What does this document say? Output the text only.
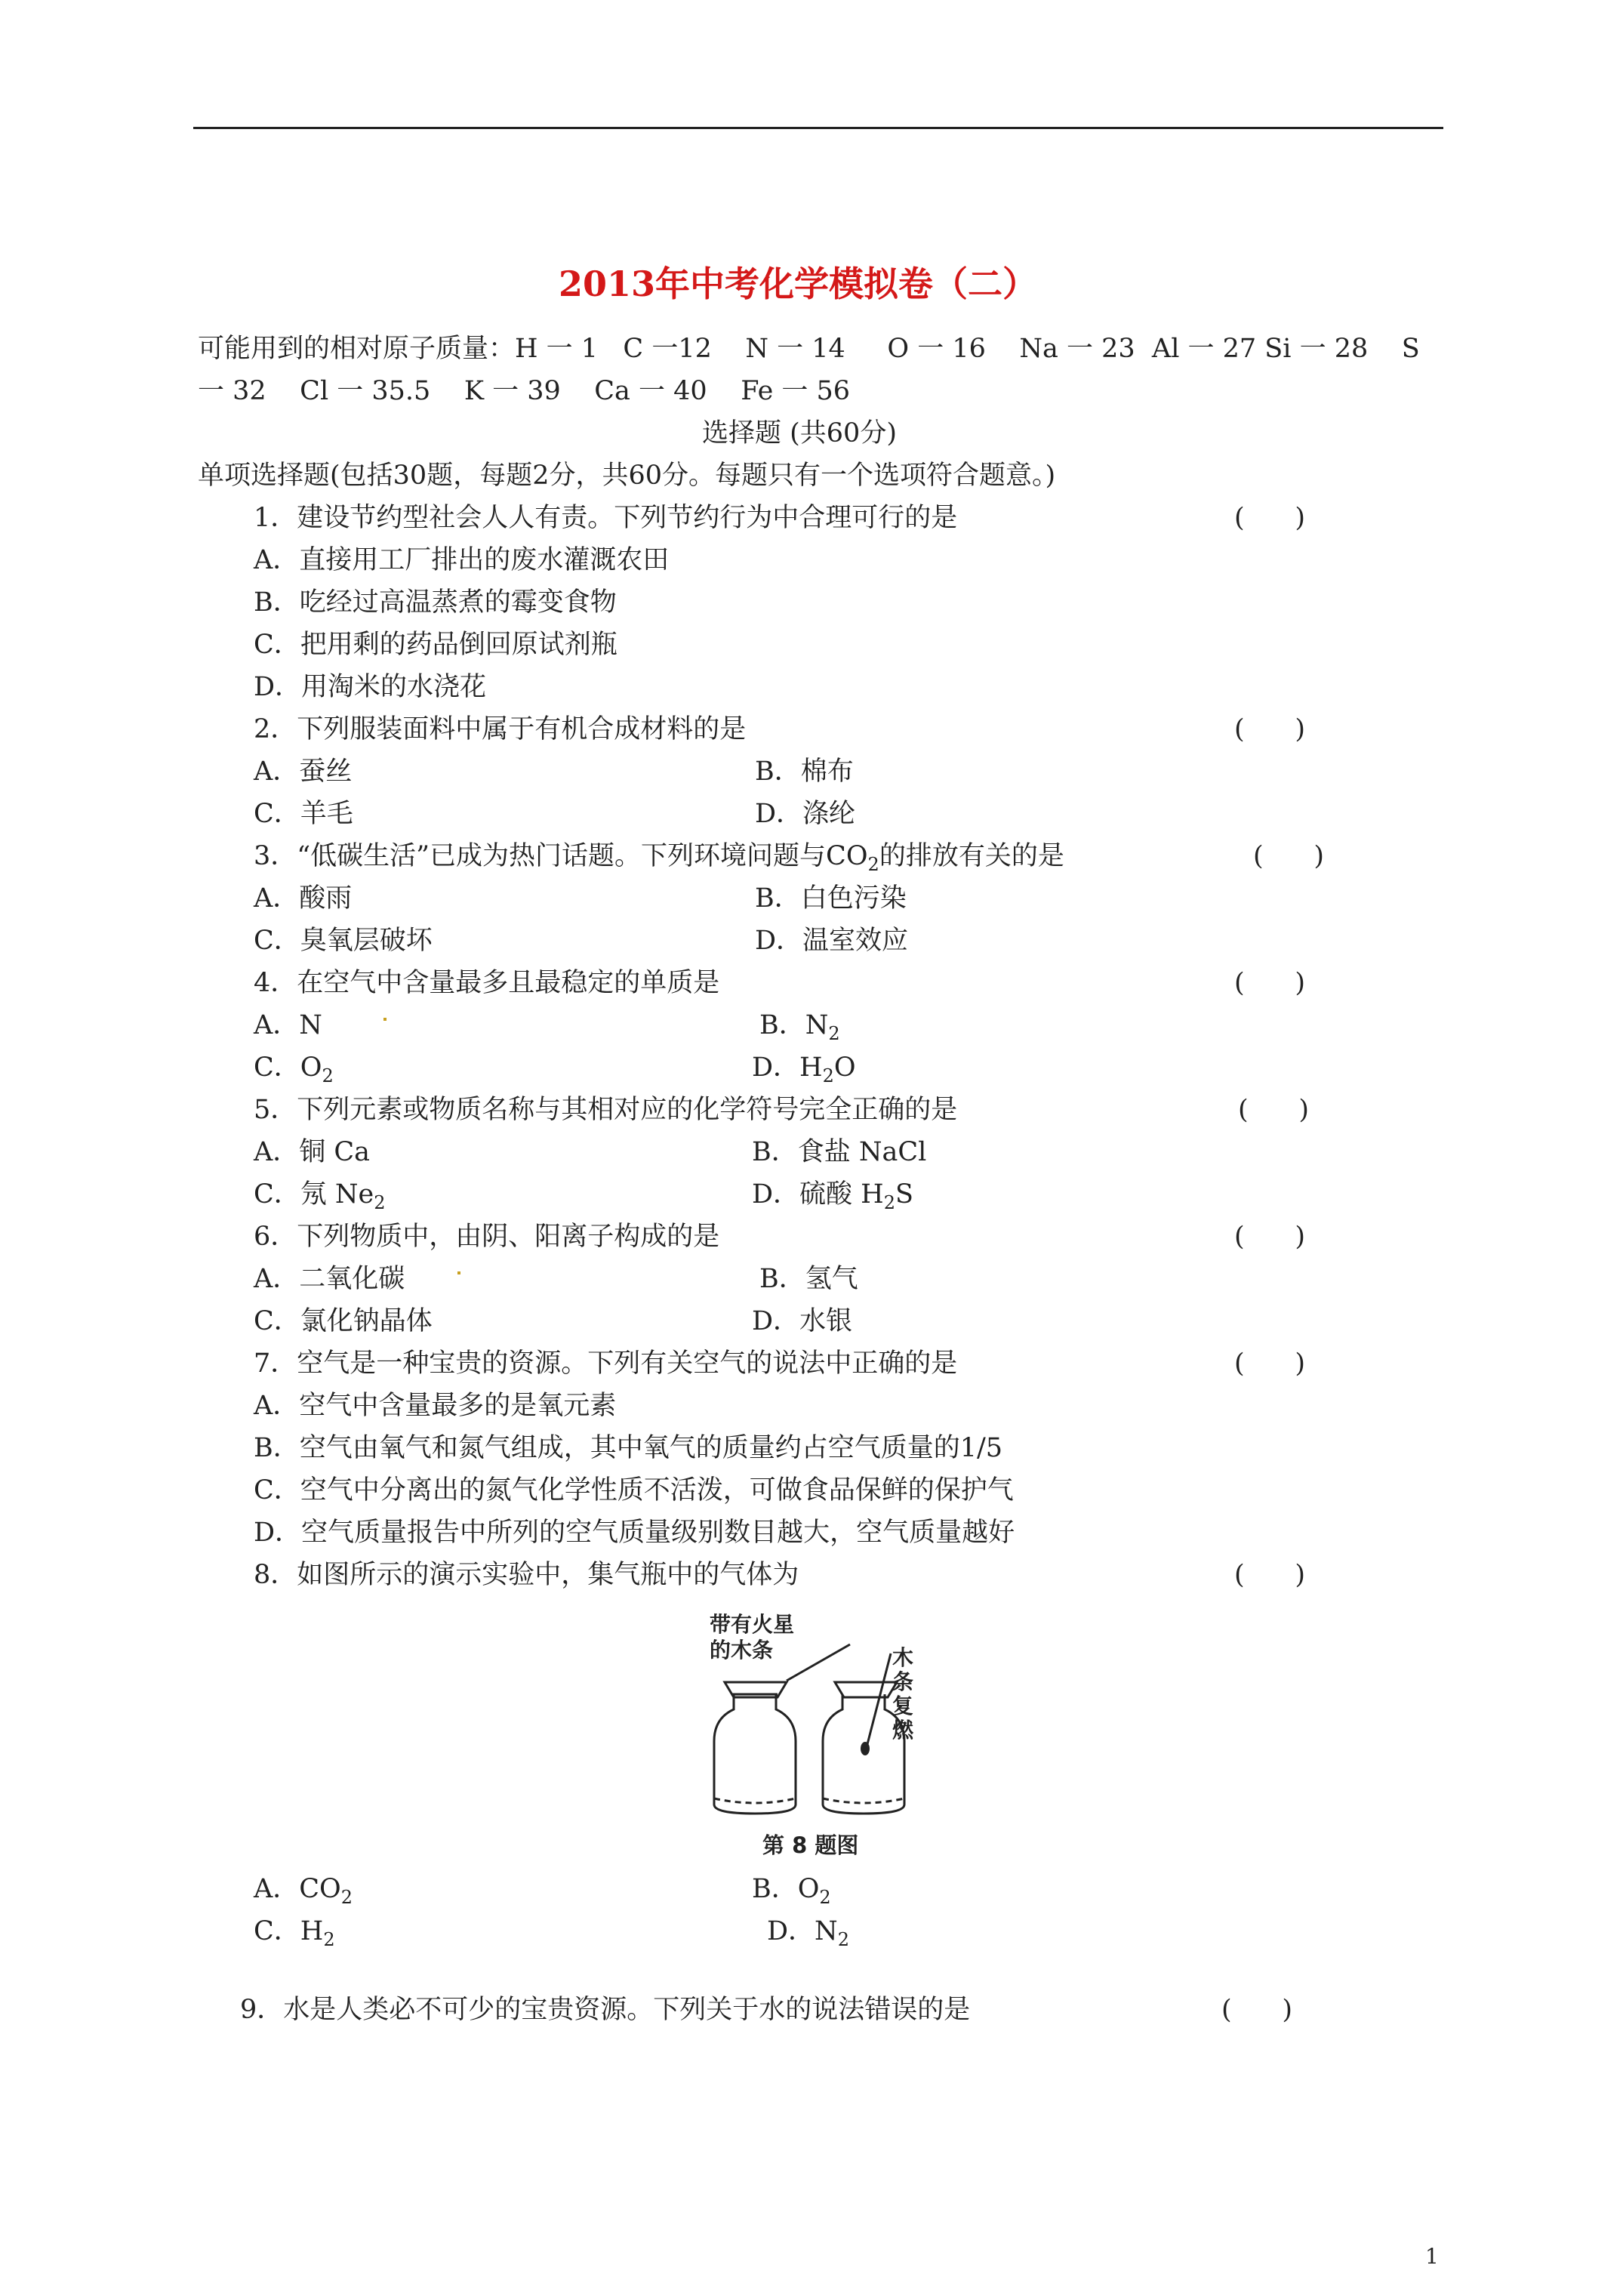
2013年中考化学模拟卷（二）
可能用到的相对原子质量：H 一 1   C 一12    N 一 14     O 一 16    Na 一 23  Al 一 27 Si 一 28    S
一 32    Cl 一 35.5    K 一 39    Ca 一 40    Fe 一 56
选择题 (共60分)
单项选择题(包括30题，每题2分，共60分。每题只有一个选项符合题意。)
1．建设节约型社会人人有责。下列节约行为中合理可行的是	(      )
A．直接用工厂排出的废水灌溉农田
B．吃经过高温蒸煮的霉变食物
C．把用剩的药品倒回原试剂瓶
D．用淘米的水浇花
2．下列服装面料中属于有机合成材料的是	(      )
A．蚕丝	B．棉布
C．羊毛	D．涤纶
3．“低碳生活”已成为热门话题。下列环境问题与$CO_2$的排放有关的是	(      )
A．酸雨	B．白色污染
C．臭氧层破坏	D．温室效应
4．在空气中含量最多且最稳定的单质是	(      )
A．N	B．$N_2$
C．$O_2$	D．$H_2O$
5．下列元素或物质名称与其相对应的化学符号完全正确的是	(      )
A．铜 Ca	B．食盐 NaCl
C．氖 $Ne_2$	D．硫酸 $H_2S$
6．下列物质中，由阴、阳离子构成的是	(      )
A．二氧化碳	B．氢气
C．氯化钠晶体	D．水银
7．空气是一种宝贵的资源。下列有关空气的说法中正确的是	(      )
A．空气中含量最多的是氧元素
B．空气由氧气和氮气组成，其中氧气的质量约占空气质量的1/5
C．空气中分离出的氮气化学性质不活泼，可做食品保鲜的保护气
D．空气质量报告中所列的空气质量级别数目越大，空气质量越好
8．如图所示的演示实验中，集气瓶中的气体为	(      )
带有火星
的木条	木
条
复
燃
第 8 题图
A．$CO_2$	B．$O_2$
C．$H_2$	D．$N_2$
9．水是人类必不可少的宝贵资源。下列关于水的说法错误的是	(      )
1
